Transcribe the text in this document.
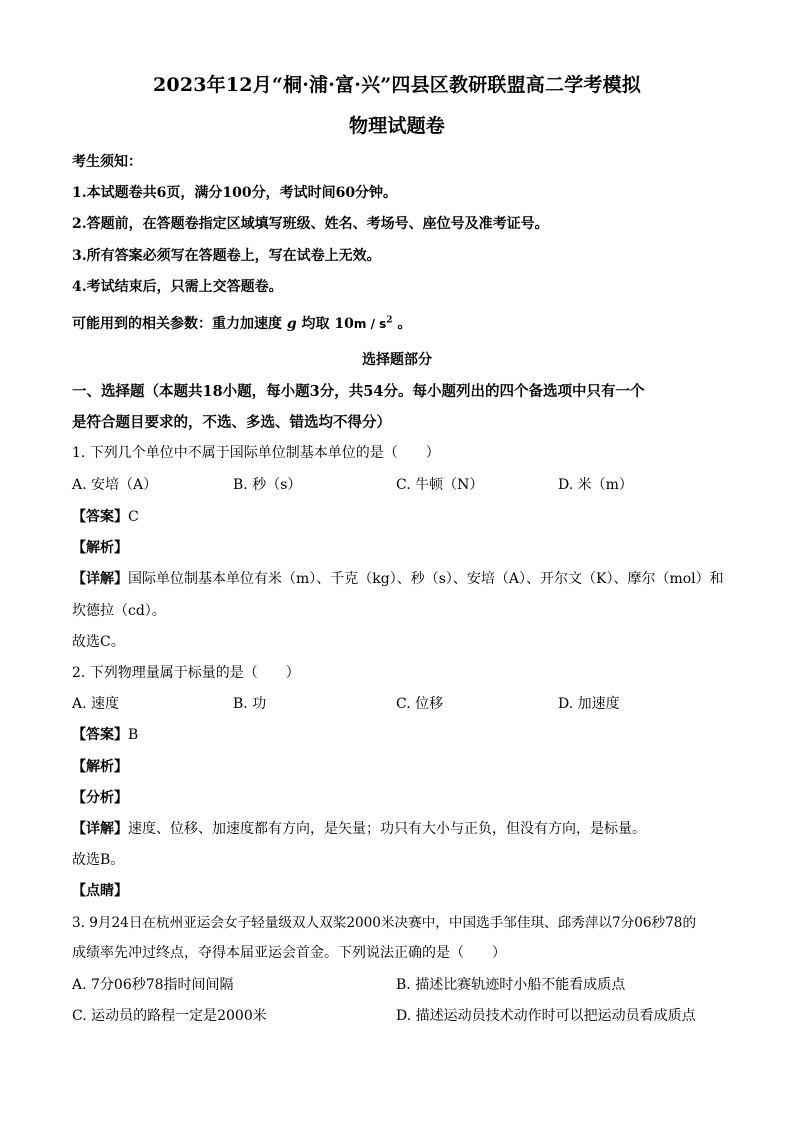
2023年12月“桐·浦·富·兴”四县区教研联盟高二学考模拟
物理试题卷
考生须知：
1.本试题卷共6页，满分100分，考试时间60分钟。
2.答题前，在答题卷指定区域填写班级、姓名、考场号、座位号及准考证号。
3.所有答案必须写在答题卷上，写在试卷上无效。
4.考试结束后，只需上交答题卷。
可能用到的相关参数：重力加速度 g 均取 $10m / s^2$ 。
选择题部分
一、选择题（本题共18小题，每小题3分，共54分。每小题列出的四个备选项中只有一个
是符合题目要求的，不选、多选、错选均不得分）
1. 下列几个单位中不属于国际单位制基本单位的是（　　）
A. 安培（A）	B. 秒（s）	C. 牛顿（N）	D. 米（m）
【答案】C
【解析】
【详解】国际单位制基本单位有米（m）、千克（kg）、秒（s）、安培（A）、开尔文（K）、摩尔（mol）和
坎德拉（cd）。
故选C。
2. 下列物理量属于标量的是（　　）
A. 速度	B. 功	C. 位移	D. 加速度
【答案】B
【解析】
【分析】
【详解】速度、位移、加速度都有方向，是矢量；功只有大小与正负，但没有方向，是标量。
故选B。
【点睛】
3. 9月24日在杭州亚运会女子轻量级双人双桨2000米决赛中，中国选手邹佳琪、邱秀萍以7分06秒78的
成绩率先冲过终点，夺得本届亚运会首金。下列说法正确的是（　　）
A. 7分06秒78指时间间隔	B. 描述比赛轨迹时小船不能看成质点
C. 运动员的路程一定是2000米	D. 描述运动员技术动作时可以把运动员看成质点
